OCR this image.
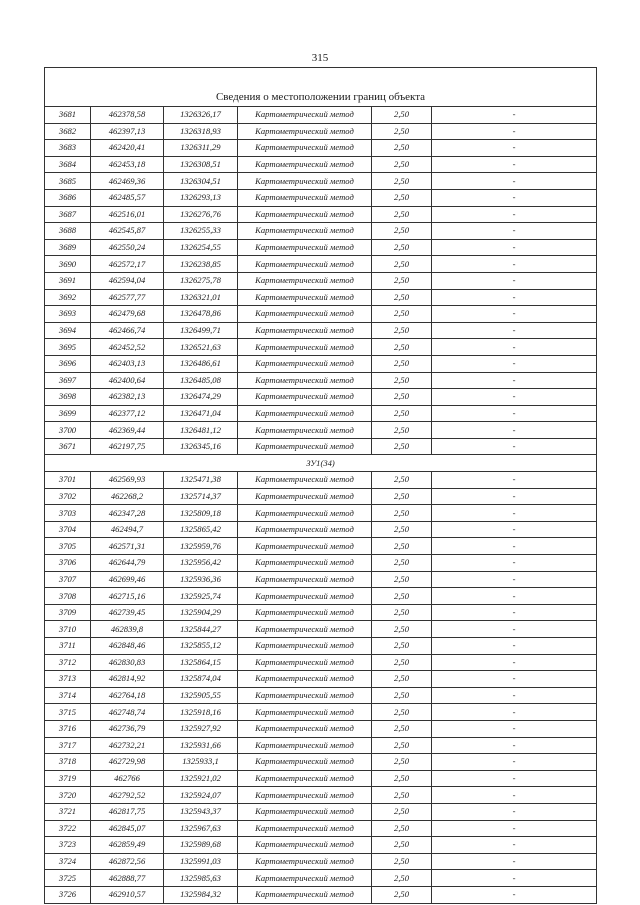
315
Сведения о местоположении границ объекта					
3681	462378,58	1326326,17	Картометрический метод	2,50	-
3682	462397,13	1326318,93	Картометрический метод	2,50	-
3683	462420,41	1326311,29	Картометрический метод	2,50	-
3684	462453,18	1326308,51	Картометрический метод	2,50	-
3685	462469,36	1326304,51	Картометрический метод	2,50	-
3686	462485,57	1326293,13	Картометрический метод	2,50	-
3687	462516,01	1326276,76	Картометрический метод	2,50	-
3688	462545,87	1326255,33	Картометрический метод	2,50	-
3689	462550,24	1326254,55	Картометрический метод	2,50	-
3690	462572,17	1326238,85	Картометрический метод	2,50	-
3691	462594,04	1326275,78	Картометрический метод	2,50	-
3692	462577,77	1326321,01	Картометрический метод	2,50	-
3693	462479,68	1326478,86	Картометрический метод	2,50	-
3694	462466,74	1326499,71	Картометрический метод	2,50	-
3695	462452,52	1326521,63	Картометрический метод	2,50	-
3696	462403,13	1326486,61	Картометрический метод	2,50	-
3697	462400,64	1326485,08	Картометрический метод	2,50	-
3698	462382,13	1326474,29	Картометрический метод	2,50	-
3699	462377,12	1326471,04	Картометрический метод	2,50	-
3700	462369,44	1326481,12	Картометрический метод	2,50	-
3671	462197,75	1326345,16	Картометрический метод	2,50	-
ЗУ1(34)					
3701	462569,93	1325471,38	Картометрический метод	2,50	-
3702	462268,2	1325714,37	Картометрический метод	2,50	-
3703	462347,28	1325809,18	Картометрический метод	2,50	-
3704	462494,7	1325865,42	Картометрический метод	2,50	-
3705	462571,31	1325959,76	Картометрический метод	2,50	-
3706	462644,79	1325956,42	Картометрический метод	2,50	-
3707	462699,46	1325936,36	Картометрический метод	2,50	-
3708	462715,16	1325925,74	Картометрический метод	2,50	-
3709	462739,45	1325904,29	Картометрический метод	2,50	-
3710	462839,8	1325844,27	Картометрический метод	2,50	-
3711	462848,46	1325855,12	Картометрический метод	2,50	-
3712	462830,83	1325864,15	Картометрический метод	2,50	-
3713	462814,92	1325874,04	Картометрический метод	2,50	-
3714	462764,18	1325905,55	Картометрический метод	2,50	-
3715	462748,74	1325918,16	Картометрический метод	2,50	-
3716	462736,79	1325927,92	Картометрический метод	2,50	-
3717	462732,21	1325931,66	Картометрический метод	2,50	-
3718	462729,98	1325933,1	Картометрический метод	2,50	-
3719	462766	1325921,02	Картометрический метод	2,50	-
3720	462792,52	1325924,07	Картометрический метод	2,50	-
3721	462817,75	1325943,37	Картометрический метод	2,50	-
3722	462845,07	1325967,63	Картометрический метод	2,50	-
3723	462859,49	1325989,68	Картометрический метод	2,50	-
3724	462872,56	1325991,03	Картометрический метод	2,50	-
3725	462888,77	1325985,63	Картометрический метод	2,50	-
3726	462910,57	1325984,32	Картометрический метод	2,50	-
